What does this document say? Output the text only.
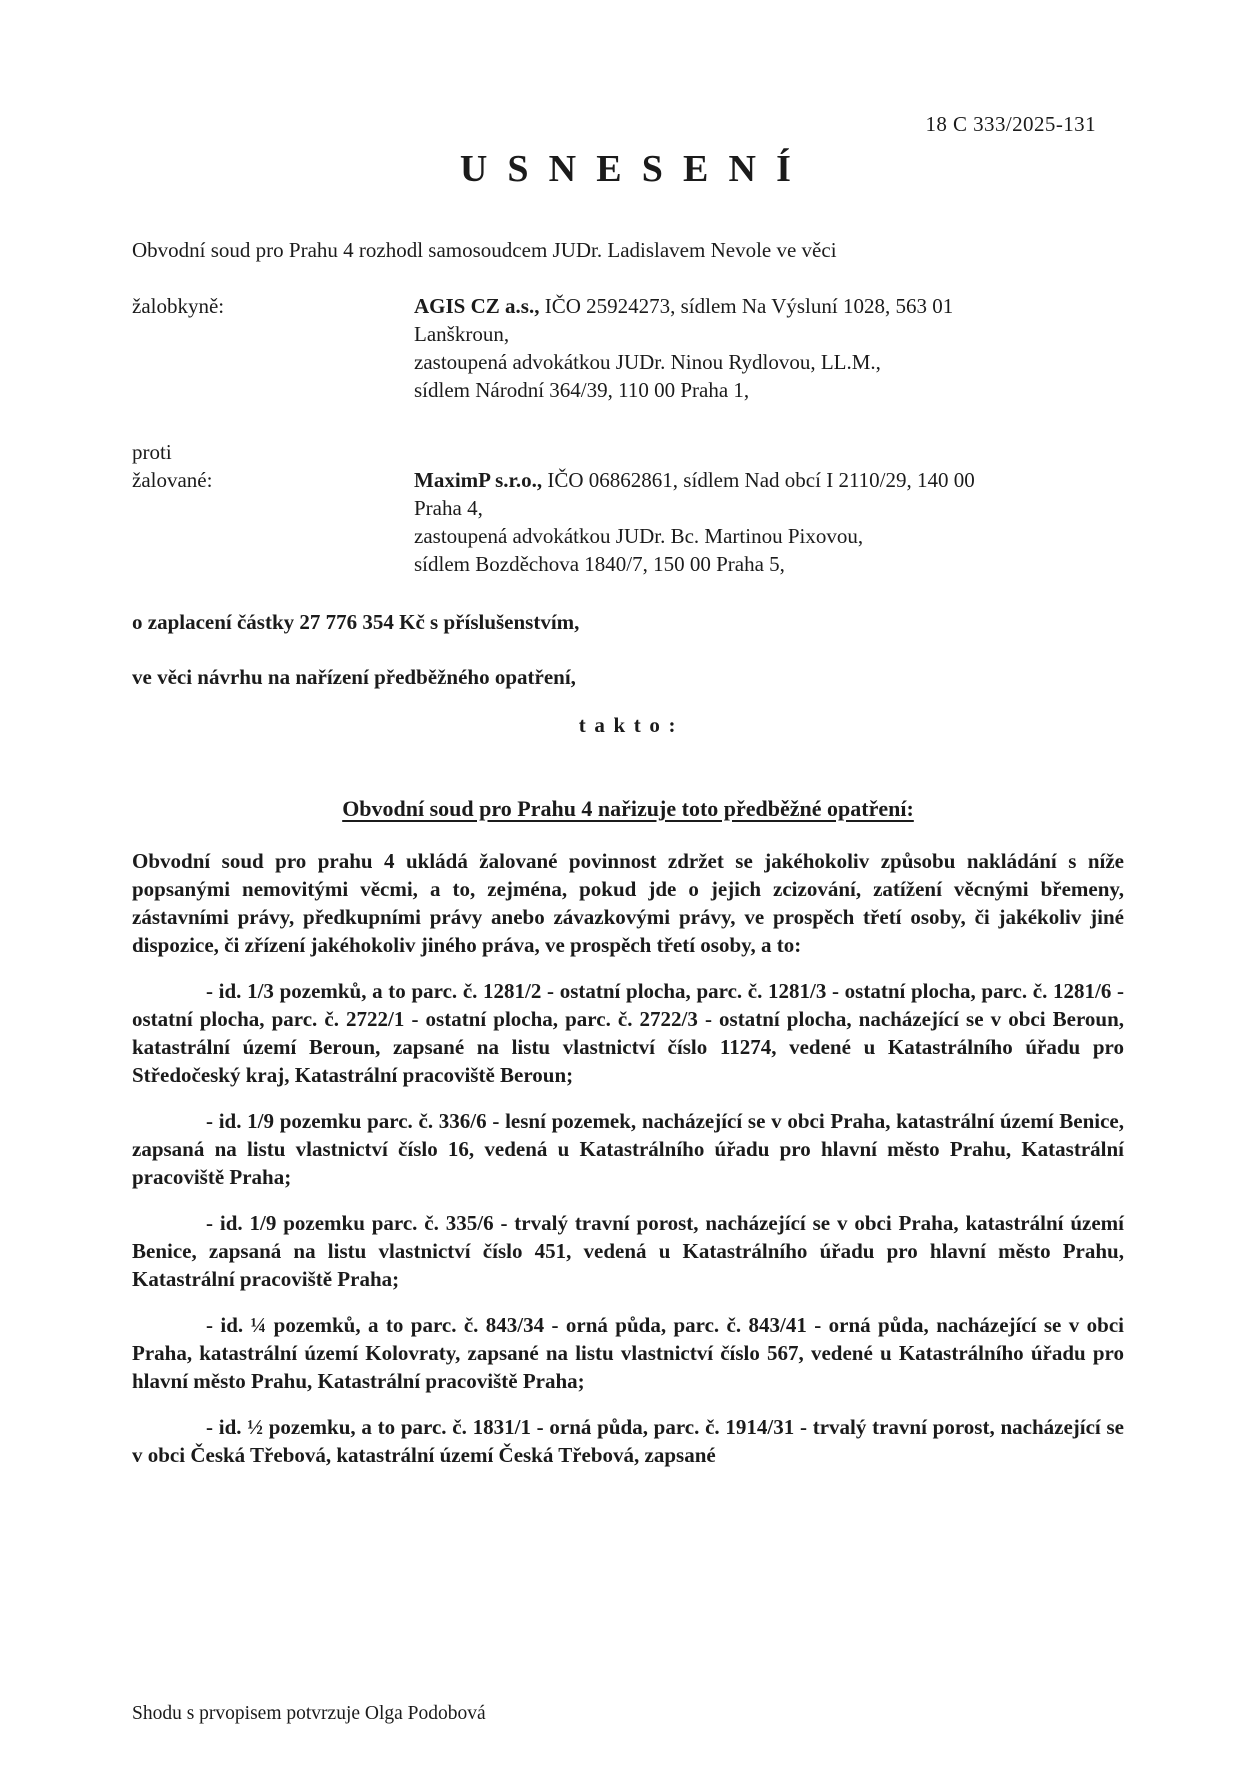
18 C 333/2025-131
U S N E S E N Í
Obvodní soud pro Prahu 4 rozhodl samosoudcem JUDr. Ladislavem Nevole ve věci
žalobkyně:	AGIS CZ a.s., IČO 25924273, sídlem Na Výsluní 1028, 563 01
Lanškroun,
zastoupená advokátkou JUDr. Ninou Rydlovou, LL.M.,
sídlem Národní 364/39, 110 00 Praha 1,
proti
žalované:	MaximP s.r.o., IČO 06862861, sídlem Nad obcí I 2110/29, 140 00
Praha 4,
zastoupená advokátkou JUDr. Bc. Martinou Pixovou,
sídlem Bozděchova 1840/7, 150 00 Praha 5,
o zaplacení částky 27 776 354 Kč s příslušenstvím,
ve věci návrhu na nařízení předběžného opatření,
t a k t o :
Obvodní soud pro Prahu 4 nařizuje toto předběžné opatření:
Obvodní soud pro prahu 4 ukládá žalované povinnost zdržet se jakéhokoliv způsobu nakládání s níže popsanými nemovitými věcmi, a to, zejména, pokud jde o jejich zcizování, zatížení věcnými břemeny, zástavními právy, předkupními právy anebo závazkovými právy, ve prospěch třetí osoby, či jakékoliv jiné dispozice, či zřízení jakéhokoliv jiného práva, ve prospěch třetí osoby, a to:
- id. 1/3 pozemků, a to parc. č. 1281/2 - ostatní plocha, parc. č. 1281/3 - ostatní plocha, parc. č. 1281/6 - ostatní plocha, parc. č. 2722/1 - ostatní plocha, parc. č. 2722/3 - ostatní plocha, nacházející se v obci Beroun, katastrální území Beroun, zapsané na listu vlastnictví číslo 11274, vedené u Katastrálního úřadu pro Středočeský kraj, Katastrální pracoviště Beroun;
- id. 1/9 pozemku parc. č. 336/6 - lesní pozemek, nacházející se v obci Praha, katastrální území Benice, zapsaná na listu vlastnictví číslo 16, vedená u Katastrálního úřadu pro hlavní město Prahu, Katastrální pracoviště Praha;
- id. 1/9 pozemku parc. č. 335/6 - trvalý travní porost, nacházející se v obci Praha, katastrální území Benice, zapsaná na listu vlastnictví číslo 451, vedená u Katastrálního úřadu pro hlavní město Prahu, Katastrální pracoviště Praha;
- id. ¼ pozemků, a to parc. č. 843/34 - orná půda, parc. č. 843/41 - orná půda, nacházející se v obci Praha, katastrální území Kolovraty, zapsané na listu vlastnictví číslo 567, vedené u Katastrálního úřadu pro hlavní město Prahu, Katastrální pracoviště Praha;
- id. ½ pozemku, a to parc. č. 1831/1 - orná půda, parc. č. 1914/31 - trvalý travní porost, nacházející se v obci Česká Třebová, katastrální území Česká Třebová, zapsané
Shodu s prvopisem potvrzuje Olga Podobová
